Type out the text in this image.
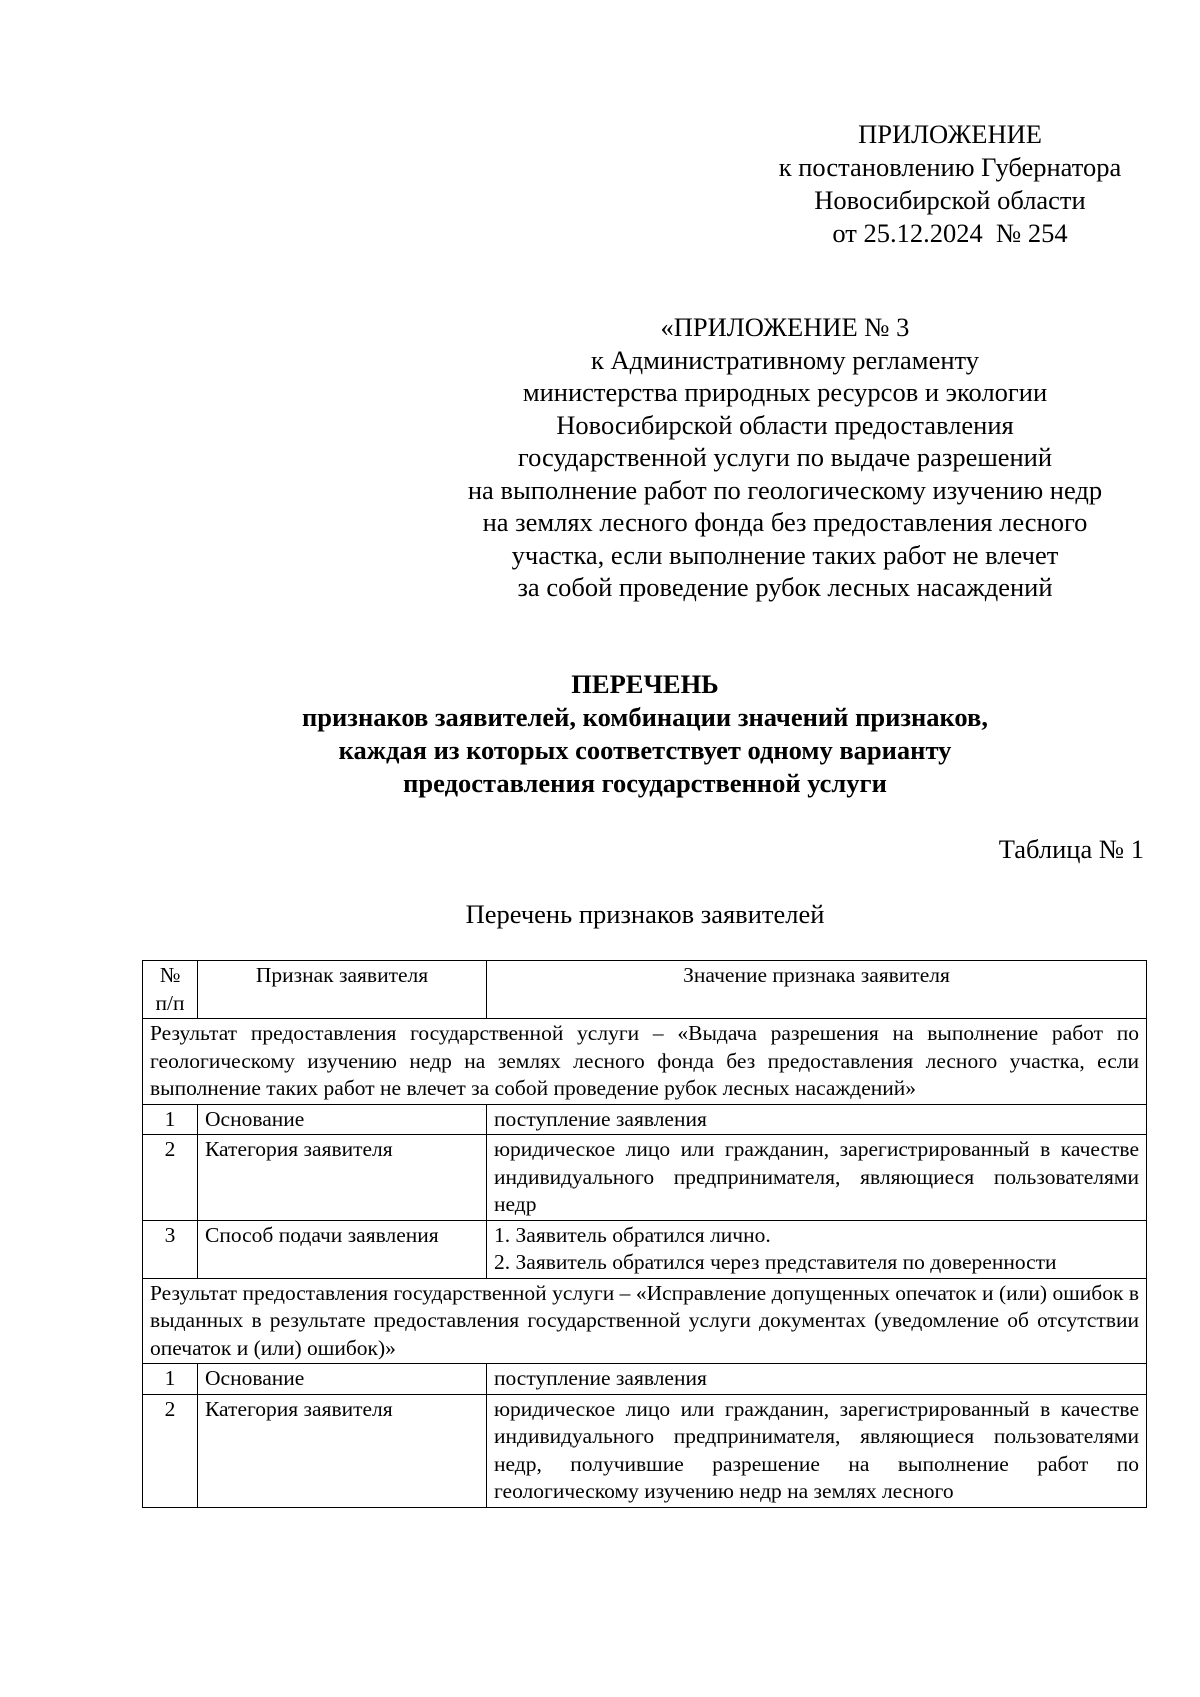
ПРИЛОЖЕНИЕ
к постановлению Губернатора
Новосибирской области
от 25.12.2024  № 254
«ПРИЛОЖЕНИЕ № 3
к Административному регламенту
министерства природных ресурсов и экологии
Новосибирской области предоставления
государственной услуги по выдаче разрешений
на выполнение работ по геологическому изучению недр
на землях лесного фонда без предоставления лесного
участка, если выполнение таких работ не влечет
за собой проведение рубок лесных насаждений
ПЕРЕЧЕНЬ
признаков заявителей, комбинации значений признаков,
каждая из которых соответствует одному варианту
предоставления государственной услуги
Таблица № 1
Перечень признаков заявителей
№ п/п	Признак заявителя	Значение признака заявителя
Результат предоставления государственной услуги – «Выдача разрешения на выполнение работ по геологическому изучению недр на землях лесного фонда без предоставления лесного участка, если выполнение таких работ не влечет за собой проведение рубок лесных насаждений»		
1	Основание	поступление заявления

2	Категория заявителя	юридическое лицо или гражданин, зарегистрированный в качестве индивидуального предпринимателя, являющиеся пользователями недр

3	Способ подачи заявления	1. Заявитель обратился лично.
2. Заявитель обратился через представителя по доверенности

Результат предоставления государственной услуги – «Исправление допущенных опечаток и (или) ошибок в выданных в результате предоставления государственной услуги документах (уведомление об отсутствии опечаток и (или) ошибок)»		
1	Основание	поступление заявления

2	Категория заявителя	юридическое лицо или гражданин, зарегистрированный в качестве индивидуального предпринимателя, являющиеся пользователями недр, получившие разрешение на выполнение работ по геологическому изучению недр на землях лесного
